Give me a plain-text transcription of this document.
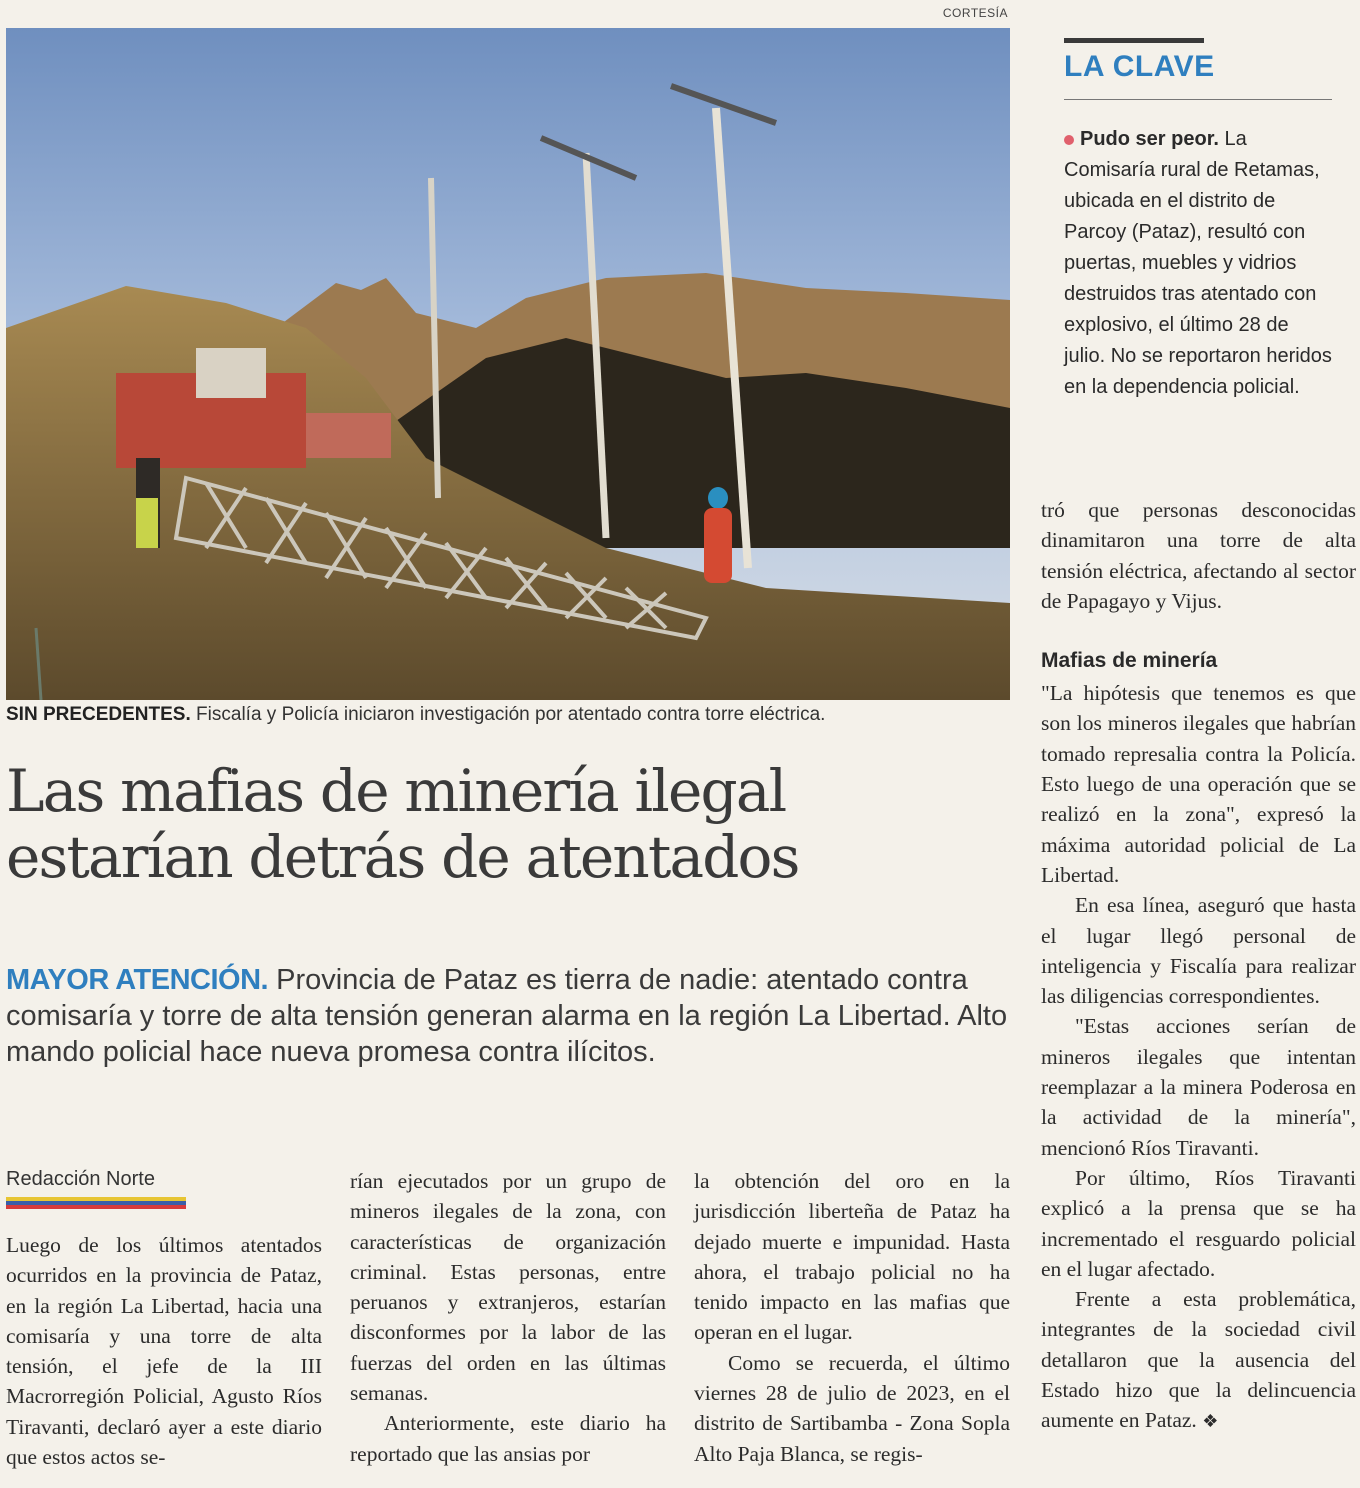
CORTESÍA
SIN PRECEDENTES. Fiscalía y Policía iniciaron investigación por atentado contra torre eléctrica.
Las mafias de minería ilegal
estarían detrás de atentados
MAYOR ATENCIÓN. Provincia de Pataz es tierra de nadie: atentado contra comisaría y torre de alta tensión generan alarma en la región La Libertad. Alto mando policial hace nueva promesa contra ilícitos.
Redacción Norte

Luego de los últimos atentados ocurridos en la provincia de Pataz, en la región La Libertad, hacia una comisaría y una torre de alta tensión, el jefe de la III Macrorregión Policial, Agusto Ríos Tiravanti, declaró ayer a este diario que estos actos se-

rían ejecutados por un grupo de mineros ilegales de la zona, con características de organización criminal. Estas personas, entre peruanos y extranjeros, estarían disconformes por la labor de las fuerzas del orden en las últimas semanas.

Anteriormente, este diario ha reportado que las ansias por

la obtención del oro en la jurisdicción liberteña de Pataz ha dejado muerte e impunidad. Hasta ahora, el trabajo policial no ha tenido impacto en las mafias que operan en el lugar.

Como se recuerda, el último viernes 28 de julio de 2023, en el distrito de Sartibamba - Zona Sopla Alto Paja Blanca, se regis-

LA CLAVE
Pudo ser peor. La Comisaría rural de Retamas, ubicada en el distrito de Parcoy (Pataz), resultó con puertas, muebles y vidrios destruidos tras atentado con explosivo, el último 28 de julio. No se reportaron heridos en la dependencia policial.

tró que personas desconocidas dinamitaron una torre de alta tensión eléctrica, afectando al sector de Papagayo y Vijus.

Mafias de minería

"La hipótesis que tenemos es que son los mineros ilegales que habrían tomado represalia contra la Policía. Esto luego de una operación que se realizó en la zona", expresó la máxima autoridad policial de La Libertad.

En esa línea, aseguró que hasta el lugar llegó personal de inteligencia y Fiscalía para realizar las diligencias correspondientes.

"Estas acciones serían de mineros ilegales que intentan reemplazar a la minera Poderosa en la actividad de la minería", mencionó Ríos Tiravanti.

Por último, Ríos Tiravanti explicó a la prensa que se ha incrementado el resguardo policial en el lugar afectado.

Frente a esta problemática, integrantes de la sociedad civil detallaron que la ausencia del Estado hizo que la delincuencia aumente en Pataz. ❖
